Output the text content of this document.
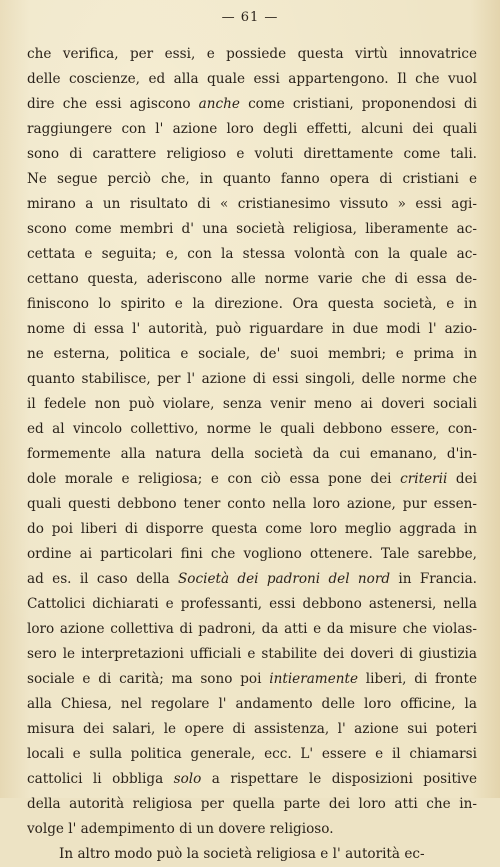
— 61 —
che verifica, per essi, e possiede questa virtù innovatrice
delle coscienze, ed alla quale essi appartengono. Il che vuol
dire che essi agiscono anche come cristiani, proponendosi di
raggiungere con l' azione loro degli effetti, alcuni dei quali
sono di carattere religioso e voluti direttamente come tali.
Ne segue perciò che, in quanto fanno opera di cristiani e
mirano a un risultato di « cristianesimo vissuto » essi agi-
scono come membri d' una società religiosa, liberamente ac-
cettata e seguita; e, con la stessa volontà con la quale ac-
cettano questa, aderiscono alle norme varie che di essa de-
finiscono lo spirito e la direzione. Ora questa società, e in
nome di essa l' autorità, può riguardare in due modi l' azio-
ne esterna, politica e sociale, de' suoi membri; e prima in
quanto stabilisce, per l' azione di essi singoli, delle norme che
il fedele non può violare, senza venir meno ai doveri sociali
ed al vincolo collettivo, norme le quali debbono essere, con-
formemente alla natura della società da cui emanano, d'in-
dole morale e religiosa; e con ciò essa pone dei criterii dei
quali questi debbono tener conto nella loro azione, pur essen-
do poi liberi di disporre questa come loro meglio aggrada in
ordine ai particolari fini che vogliono ottenere. Tale sarebbe,
ad es. il caso della Società dei padroni del nord in Francia.
Cattolici dichiarati e professanti, essi debbono astenersi, nella
loro azione collettiva di padroni, da atti e da misure che violas-
sero le interpretazioni ufficiali e stabilite dei doveri di giustizia
sociale e di carità; ma sono poi intieramente liberi, di fronte
alla Chiesa, nel regolare l' andamento delle loro officine, la
misura dei salari, le opere di assistenza, l' azione sui poteri
locali e sulla politica generale, ecc. L' essere e il chiamarsi
cattolici li obbliga solo a rispettare le disposizioni positive
della autorità religiosa per quella parte dei loro atti che in-
volge l' adempimento di un dovere religioso.
In altro modo può la società religiosa e l' autorità ec-
